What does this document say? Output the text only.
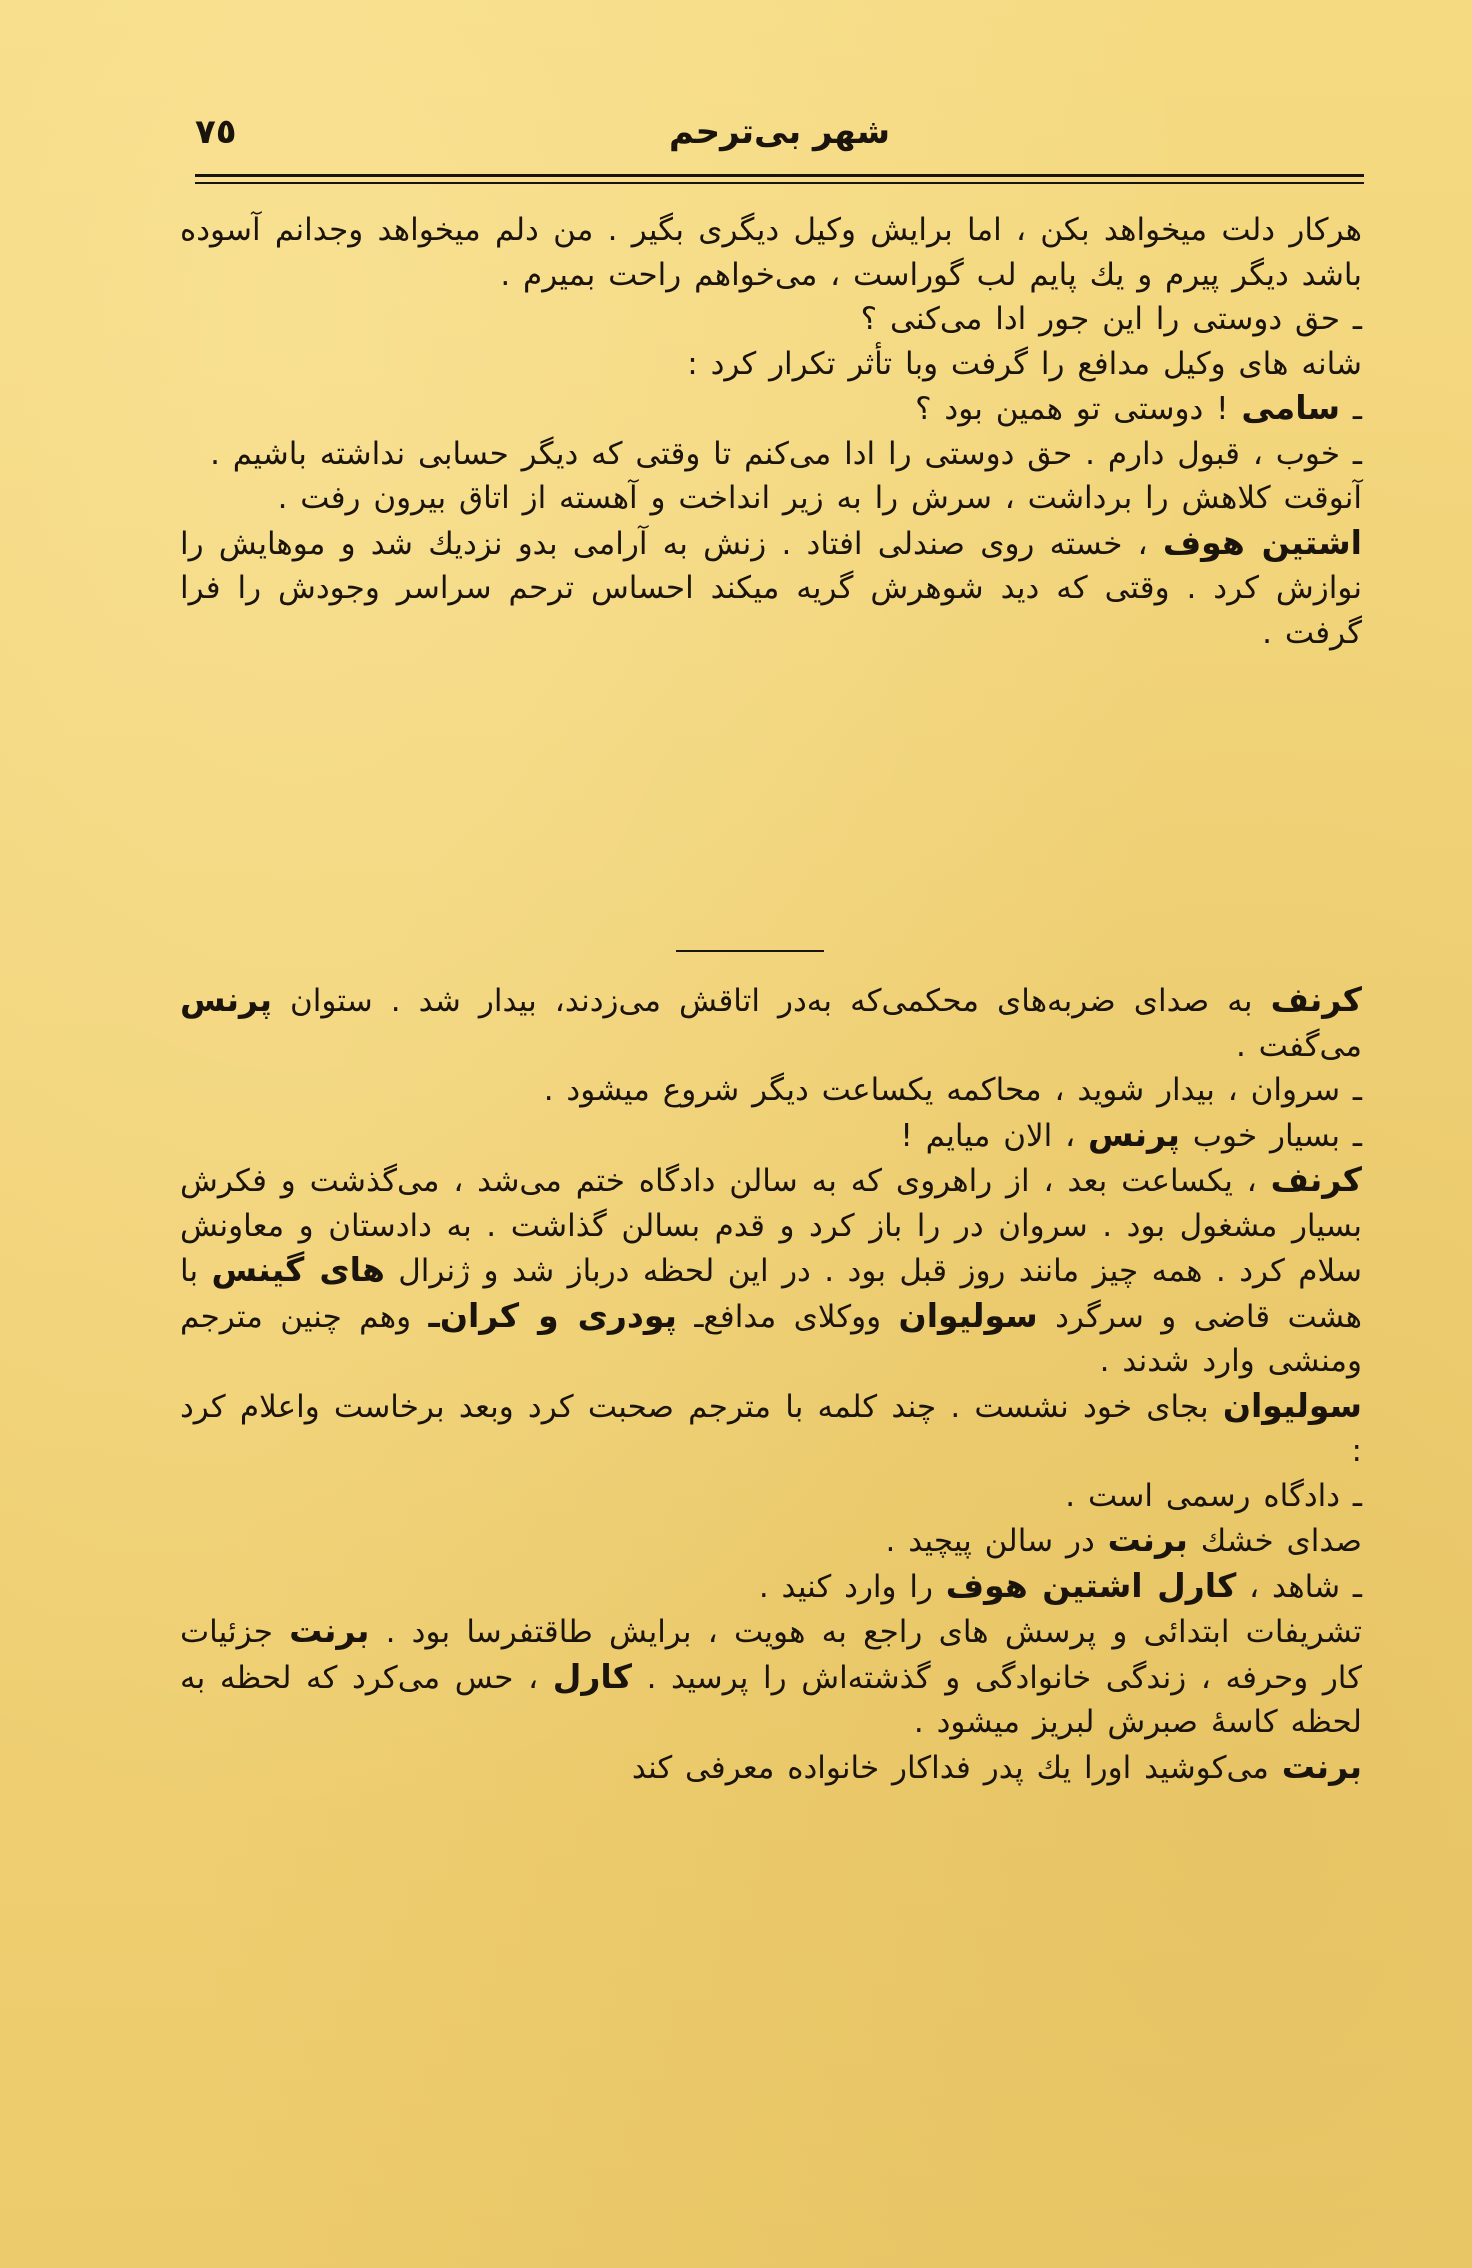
٧٥	شهر بی‌ترحم

هرکار دلت میخواهد بکن ، اما برایش وکیل دیگری بگیر . من دلم میخواهد وجدانم آسوده باشد دیگر پیرم و یك پایم لب گوراست ، می‌خواهم راحت بمیرم .

ـ حق دوستی را این جور ادا می‌کنی ؟

شانه های وکیل مدافع را گرفت وبا تأثر تکرار کرد :

ـ سامی ! دوستی تو همین بود ؟

ـ خوب ، قبول دارم . حق دوستی را ادا می‌کنم تا وقتی که دیگر حسابی نداشته باشیم .

آنوقت کلاهش را برداشت ، سرش را به زیر انداخت و آهسته از اتاق بیرون رفت .

اشتین هوف ، خسته روی صندلی افتاد . زنش به آرامی بدو نزدیك شد و موهایش را نوازش کرد . وقتی که دید شوهرش گریه میکند احساس ترحم سراسر وجودش را فرا گرفت .

کرنف به صدای ضربه‌های محکمی‌که به‌در اتاقش می‌زدند، بیدار شد . ستوان پرنس می‌گفت .

ـ سروان ، بیدار شوید ، محاکمه یکساعت دیگر شروع میشود .

ـ بسیار خوب پرنس ، الان میایم !

کرنف ، یکساعت بعد ، از راهروی که به سالن دادگاه ختم می‌شد ، می‌گذشت و فکرش بسیار مشغول بود . سروان در را باز کرد و قدم بسالن گذاشت . به دادستان و معاونش سلام کرد . همه چیز مانند روز قبل بود . در این لحظه درباز شد و ژنرال های گینس با هشت قاضی و سرگرد سولیوان ووکلای مدافع‌ـ پودری و کران‌ـ وهم چنین مترجم ومنشی وارد شدند .

سولیوان بجای خود نشست . چند کلمه با مترجم صحبت کرد وبعد برخاست واعلام کرد :

ـ دادگاه رسمی است .

صدای خشك برنت در سالن پیچید .

ـ شاهد ، کارل اشتین هوف را وارد کنید .

تشریفات ابتدائی و پرسش های راجع به هویت ، برایش طاقتفرسا بود . برنت جزئیات کار وحرفه ، زندگی خانوادگی و گذشته‌اش را پرسید . کارل ، حس می‌کرد که لحظه به لحظه کاسهٔ صبرش لبریز میشود .

برنت می‌کوشید اورا یك پدر فداکار خانواده معرفی کند
